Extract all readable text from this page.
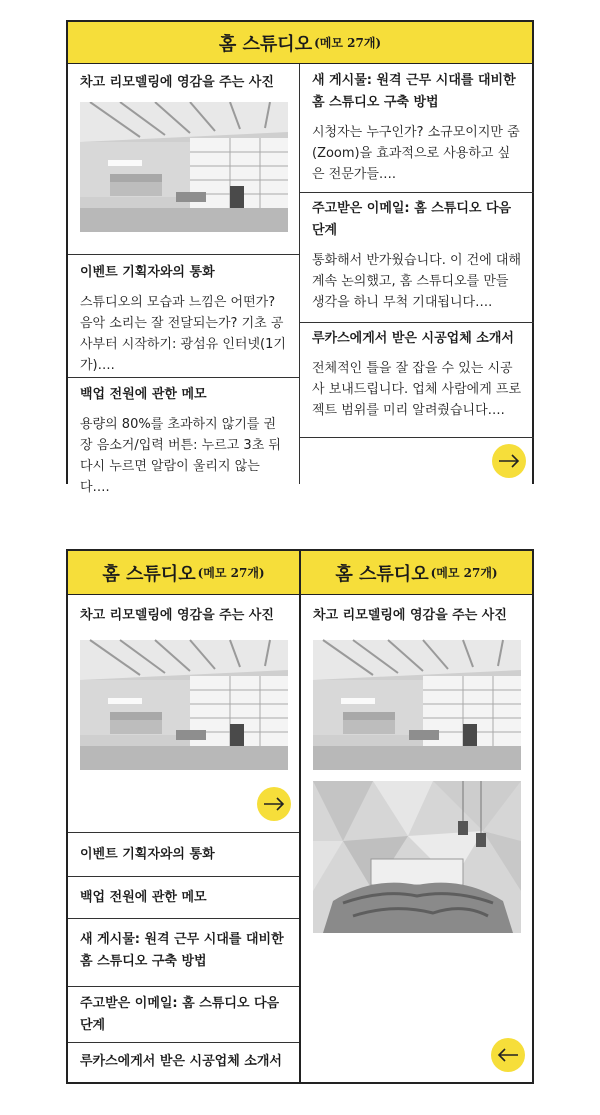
홈 스튜디오 (메모 27개)
차고 리모델링에 영감을 주는 사진
이벤트 기획자와의 통화
스튜디오의 모습과 느낌은 어떤가? 음악 소리는 잘 전달되는가? 기초 공사부터 시작하기: 광섬유 인터넷(1기가)….
백업 전원에 관한 메모
용량의 80%를 초과하지 않기를 권장 음소거/입력 버튼: 누르고 3초 뒤 다시 누르면 알람이 울리지 않는다….
새 게시물: 원격 근무 시대를 대비한 홈 스튜디오 구축 방법
시청자는 누구인가? 소규모이지만 줌(Zoom)을 효과적으로 사용하고 싶은 전문가들….
주고받은 이메일: 홈 스튜디오 다음 단계
통화해서 반가웠습니다. 이 건에 대해 계속 논의했고, 홈 스튜디오를 만들 생각을 하니 무척 기대됩니다….
루카스에게서 받은 시공업체 소개서
전체적인 틀을 잘 잡을 수 있는 시공사 보내드립니다. 업체 사람에게 프로젝트 범위를 미리 알려줬습니다….
홈 스튜디오 (메모 27개)
차고 리모델링에 영감을 주는 사진
이벤트 기획자와의 통화
백업 전원에 관한 메모
새 게시물: 원격 근무 시대를 대비한 홈 스튜디오 구축 방법
주고받은 이메일: 홈 스튜디오 다음 단계
루카스에게서 받은 시공업체 소개서
홈 스튜디오 (메모 27개)
차고 리모델링에 영감을 주는 사진
